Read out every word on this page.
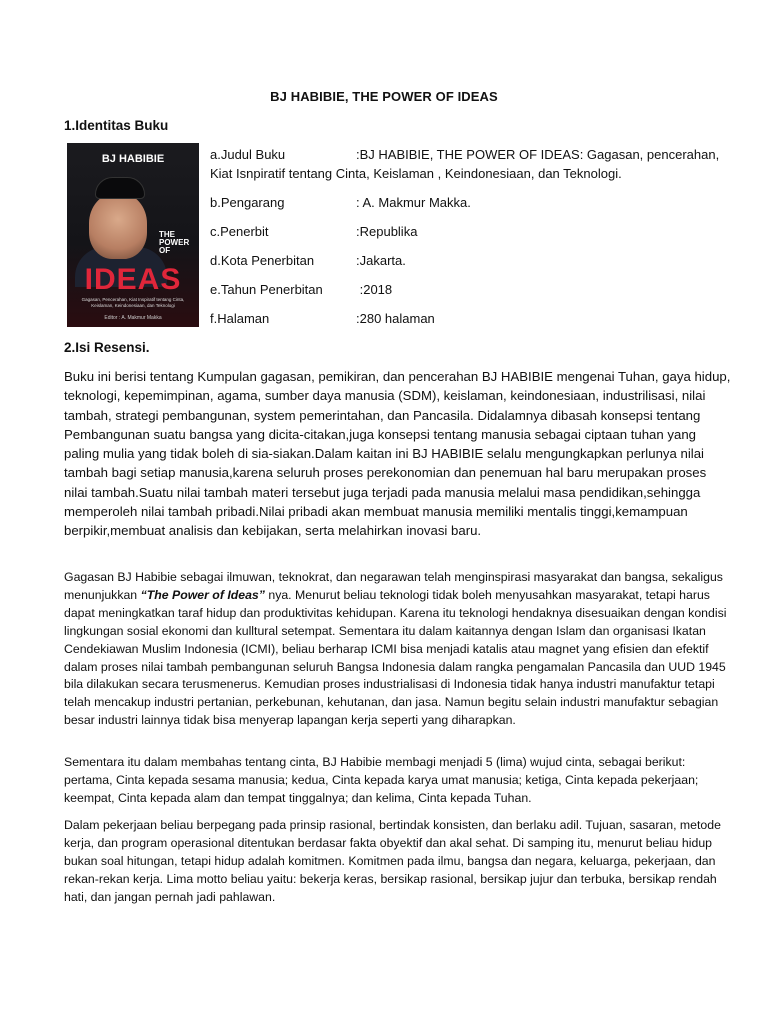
BJ HABIBIE, THE POWER OF IDEAS
1.Identitas Buku
BJ HABIBIE
THE POWER OF
IDEAS
Gagasan, Pencerahan, Kiat Inspiratif tentang Cinta, Keislaman, Keindonesiaan, dan Teknologi
Editor : A. Makmur Makka
a.Judul Buku	:BJ HABIBIE, THE POWER OF IDEAS: Gagasan, pencerahan,
Kiat Isnpiratif tentang Cinta, Keislaman , Keindonesiaan, dan Teknologi.
b.Pengarang	: A. Makmur Makka.
c.Penerbit	:Republika
d.Kota Penerbitan	:Jakarta.
e.Tahun Penerbitan	:2018
f.Halaman	:280 halaman
2.Isi Resensi.

Buku ini berisi tentang Kumpulan gagasan, pemikiran, dan pencerahan BJ HABIBIE mengenai Tuhan, gaya hidup, teknologi, kepemimpinan, agama, sumber daya manusia (SDM), keislaman, keindonesiaan, industrilisasi, nilai tambah, strategi pembangunan, system pemerintahan, dan Pancasila. Didalamnya dibasah konsepsi tentang Pembangunan suatu bangsa yang dicita-citakan,juga konsepsi tentang manusia sebagai ciptaan tuhan yang paling mulia yang tidak boleh di sia-siakan.Dalam kaitan ini BJ HABIBIE selalu mengungkapkan perlunya nilai tambah bagi setiap manusia,karena seluruh proses perekonomian dan penemuan hal baru merupakan proses nilai tambah.Suatu nilai tambah materi tersebut juga terjadi pada manusia melalui masa pendidikan,sehingga memperoleh nilai tambah pribadi.Nilai pribadi akan membuat manusia memiliki mentalis tinggi,kemampuan berpikir,membuat analisis dan kebijakan, serta melahirkan inovasi baru.

Gagasan BJ Habibie sebagai ilmuwan, teknokrat, dan negarawan telah menginspirasi masyarakat dan bangsa, sekaligus menunjukkan “The Power of Ideas” nya. Menurut beliau teknologi tidak boleh menyusahkan masyarakat, tetapi harus dapat meningkatkan taraf hidup dan produktivitas kehidupan. Karena itu teknologi hendaknya disesuaikan dengan kondisi lingkungan sosial ekonomi dan kulltural setempat. Sementara itu dalam kaitannya dengan Islam dan organisasi Ikatan Cendekiawan Muslim Indonesia (ICMI), beliau berharap ICMI bisa menjadi katalis atau magnet yang efisien dan efektif dalam proses nilai tambah pembangunan seluruh Bangsa Indonesia dalam rangka pengamalan Pancasila dan UUD 1945 bila dilakukan secara terusmenerus. Kemudian proses industrialisasi di Indonesia tidak hanya industri manufaktur tetapi telah mencakup industri pertanian, perkebunan, kehutanan, dan jasa. Namun begitu selain industri manufaktur sebagian besar industri lainnya tidak bisa menyerap lapangan kerja seperti yang diharapkan.

Sementara itu dalam membahas tentang cinta, BJ Habibie membagi menjadi 5 (lima) wujud cinta, sebagai berikut: pertama, Cinta kepada sesama manusia; kedua, Cinta kepada karya umat manusia; ketiga, Cinta kepada pekerjaan; keempat, Cinta kepada alam dan tempat tinggalnya; dan kelima, Cinta kepada Tuhan.

Dalam pekerjaan beliau berpegang pada prinsip rasional, bertindak konsisten, dan berlaku adil. Tujuan, sasaran, metode kerja, dan program operasional ditentukan berdasar fakta obyektif dan akal sehat. Di samping itu, menurut beliau hidup bukan soal hitungan, tetapi hidup adalah komitmen. Komitmen pada ilmu, bangsa dan negara, keluarga, pekerjaan, dan rekan-rekan kerja. Lima motto beliau yaitu: bekerja keras, bersikap rasional, bersikap jujur dan terbuka, bersikap rendah hati, dan jangan pernah jadi pahlawan.
